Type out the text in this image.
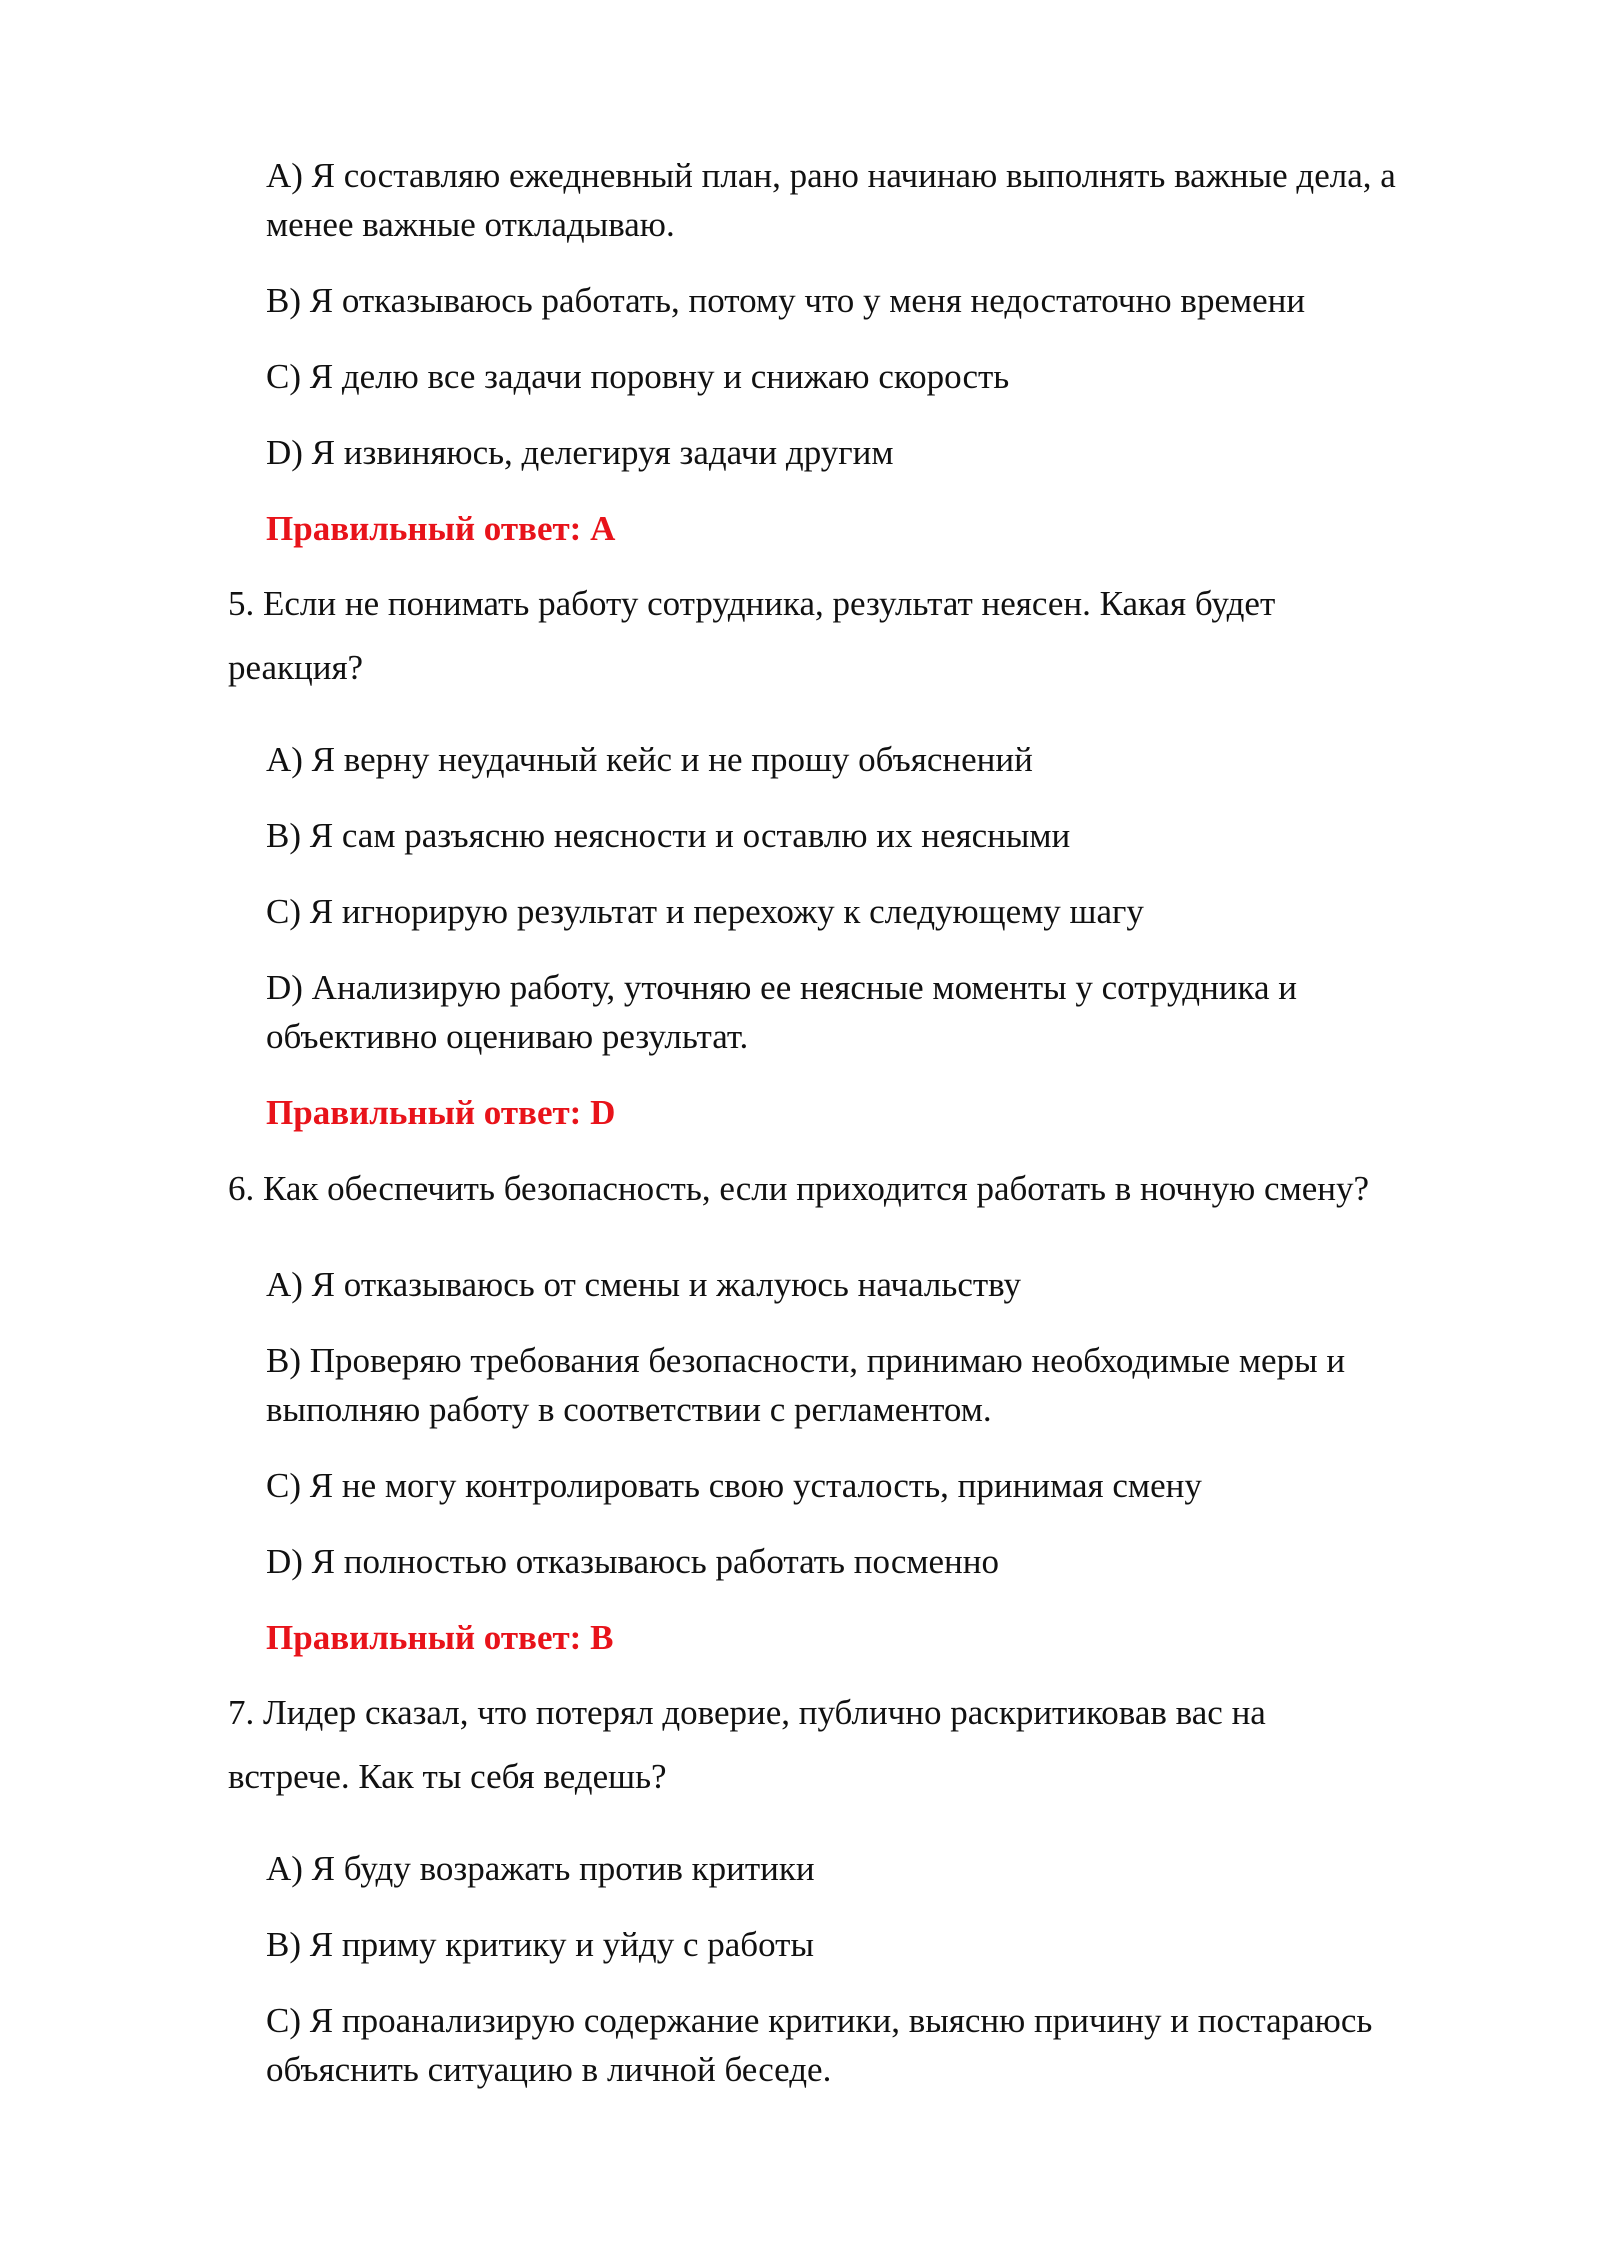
A) Я составляю ежедневный план, рано начинаю выполнять важные дела, а
менее важные откладываю.
B) Я отказываюсь работать, потому что у меня недостаточно времени
C) Я делю все задачи поровну и снижаю скорость
D) Я извиняюсь, делегируя задачи другим
Правильный ответ: A
5. Если не понимать работу сотрудника, результат неясен. Какая будет
реакция?
A) Я верну неудачный кейс и не прошу объяснений
B) Я сам разъясню неясности и оставлю их неясными
C) Я игнорирую результат и перехожу к следующему шагу
D) Анализирую работу, уточняю ее неясные моменты у сотрудника и
объективно оцениваю результат.
Правильный ответ: D
6. Как обеспечить безопасность, если приходится работать в ночную смену?
A) Я отказываюсь от смены и жалуюсь начальству
B) Проверяю требования безопасности, принимаю необходимые меры и
выполняю работу в соответствии с регламентом.
C) Я не могу контролировать свою усталость, принимая смену
D) Я полностью отказываюсь работать посменно
Правильный ответ: B
7. Лидер сказал, что потерял доверие, публично раскритиковав вас на
встрече. Как ты себя ведешь?
A) Я буду возражать против критики
B) Я приму критику и уйду с работы
C) Я проанализирую содержание критики, выясню причину и постараюсь
объяснить ситуацию в личной беседе.
